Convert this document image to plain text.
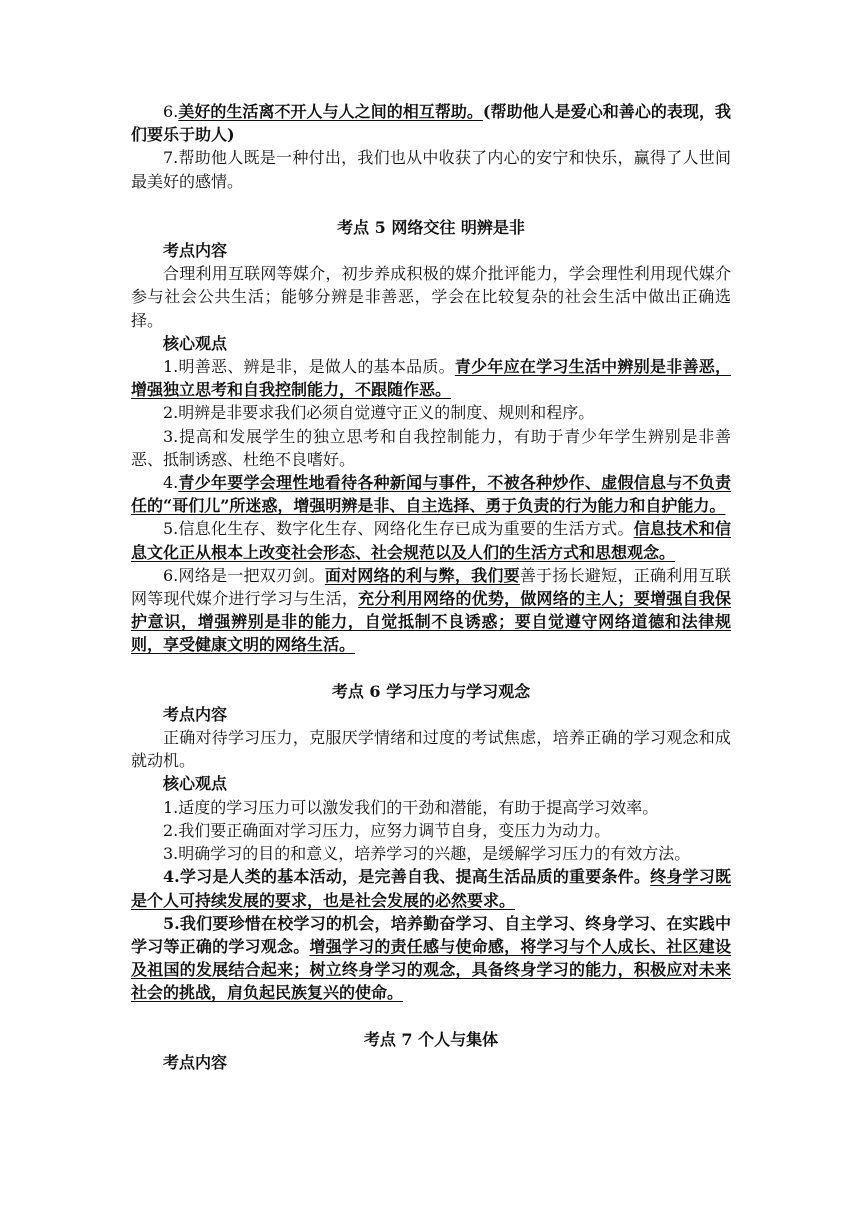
6.美好的生活离不开人与人之间的相互帮助。(帮助他人是爱心和善心的表现，我们要乐于助人)

7.帮助他人既是一种付出，我们也从中收获了内心的安宁和快乐，赢得了人世间最美好的感情。

考点 5 网络交往 明辨是非

考点内容

合理利用互联网等媒介，初步养成积极的媒介批评能力，学会理性利用现代媒介参与社会公共生活；能够分辨是非善恶，学会在比较复杂的社会生活中做出正确选择。

核心观点

1.明善恶、辨是非，是做人的基本品质。青少年应在学习生活中辨别是非善恶，增强独立思考和自我控制能力，不跟随作恶。

2.明辨是非要求我们必须自觉遵守正义的制度、规则和程序。

3.提高和发展学生的独立思考和自我控制能力，有助于青少年学生辨别是非善恶、抵制诱惑、杜绝不良嗜好。

4.青少年要学会理性地看待各种新闻与事件，不被各种炒作、虚假信息与不负责任的“哥们儿”所迷惑，增强明辨是非、自主选择、勇于负责的行为能力和自护能力。

5.信息化生存、数字化生存、网络化生存已成为重要的生活方式。信息技术和信息文化正从根本上改变社会形态、社会规范以及人们的生活方式和思想观念。

6.网络是一把双刃剑。面对网络的利与弊，我们要善于扬长避短，正确利用互联网等现代媒介进行学习与生活，充分利用网络的优势，做网络的主人；要增强自我保护意识，增强辨别是非的能力，自觉抵制不良诱惑；要自觉遵守网络道德和法律规则，享受健康文明的网络生活。

考点 6 学习压力与学习观念

考点内容

正确对待学习压力，克服厌学情绪和过度的考试焦虑，培养正确的学习观念和成就动机。

核心观点

1.适度的学习压力可以激发我们的干劲和潜能，有助于提高学习效率。

2.我们要正确面对学习压力，应努力调节自身，变压力为动力。

3.明确学习的目的和意义，培养学习的兴趣，是缓解学习压力的有效方法。

4.学习是人类的基本活动，是完善自我、提高生活品质的重要条件。终身学习既是个人可持续发展的要求，也是社会发展的必然要求。

5.我们要珍惜在校学习的机会，培养勤奋学习、自主学习、终身学习、在实践中学习等正确的学习观念。增强学习的责任感与使命感，将学习与个人成长、社区建设及祖国的发展结合起来；树立终身学习的观念，具备终身学习的能力，积极应对未来社会的挑战，肩负起民族复兴的使命。

考点 7 个人与集体

考点内容
